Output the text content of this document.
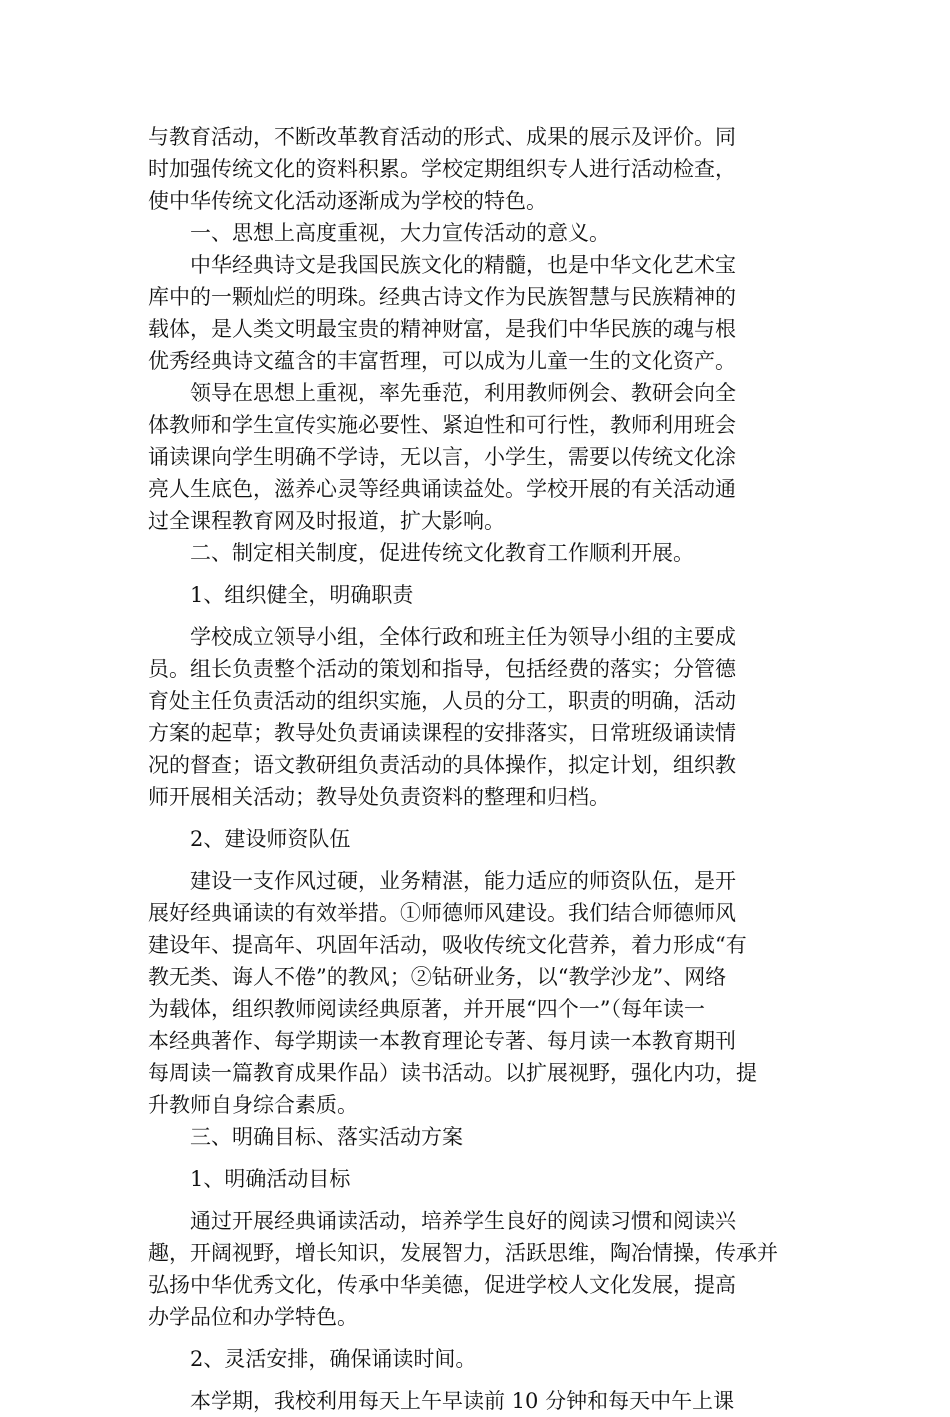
与教育活动，不断改革教育活动的形式、成果的展示及评价。同
时加强传统文化的资料积累。学校定期组织专人进行活动检查，
使中华传统文化活动逐渐成为学校的特色。
一、思想上高度重视，大力宣传活动的意义。
中华经典诗文是我国民族文化的精髓，也是中华文化艺术宝
库中的一颗灿烂的明珠。经典古诗文作为民族智慧与民族精神的
载体，是人类文明最宝贵的精神财富，是我们中华民族的魂与根
优秀经典诗文蕴含的丰富哲理，可以成为儿童一生的文化资产。
领导在思想上重视，率先垂范，利用教师例会、教研会向全
体教师和学生宣传实施必要性、紧迫性和可行性，教师利用班会
诵读课向学生明确不学诗，无以言，小学生，需要以传统文化涂
亮人生底色，滋养心灵等经典诵读益处。学校开展的有关活动通
过全课程教育网及时报道，扩大影响。
二、制定相关制度，促进传统文化教育工作顺利开展。
1、组织健全，明确职责
学校成立领导小组，全体行政和班主任为领导小组的主要成
员。组长负责整个活动的策划和指导，包括经费的落实；分管德
育处主任负责活动的组织实施，人员的分工，职责的明确，活动
方案的起草；教导处负责诵读课程的安排落实，日常班级诵读情
况的督查；语文教研组负责活动的具体操作，拟定计划，组织教
师开展相关活动；教导处负责资料的整理和归档。
2、建设师资队伍
建设一支作风过硬，业务精湛，能力适应的师资队伍，是开
展好经典诵读的有效举措。①师德师风建设。我们结合师德师风
建设年、提高年、巩固年活动，吸收传统文化营养，着力形成“有
教无类、诲人不倦”的教风；②钻研业务，以“教学沙龙”、网络
为载体，组织教师阅读经典原著，并开展“四个一”（每年读一
本经典著作、每学期读一本教育理论专著、每月读一本教育期刊
每周读一篇教育成果作品）读书活动。以扩展视野，强化内功，提
升教师自身综合素质。
三、明确目标、落实活动方案
1、明确活动目标
通过开展经典诵读活动，培养学生良好的阅读习惯和阅读兴
趣，开阔视野，增长知识，发展智力，活跃思维，陶冶情操，传承并
弘扬中华优秀文化，传承中华美德，促进学校人文化发展，提高
办学品位和办学特色。
2、灵活安排，确保诵读时间。
本学期，我校利用每天上午早读前 10 分钟和每天中午上课
